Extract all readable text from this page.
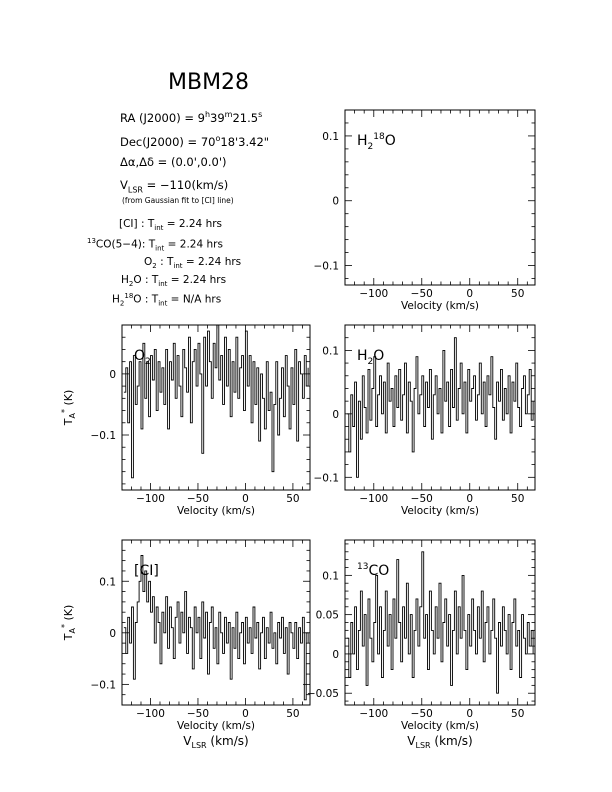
MBM28
RA $(J2000) = 9^h39^m21.5^s$
$Dec(J2000) = 70^o18'3.42$"
Δα,Δδ = (0.0',0.0')
$V_{LSR} = -110(km/s)$
(from Gaussian fit to [CI] line)
[CI] : $T_{int} = 2.24$ hrs
$^{13}$CO(5−4): $T_{int} = 2.24$ hrs
$O_2$ : $T_{int} = 2.24$ hrs
$H_2O$ : $T_{int} = 2.24$ hrs
$H_2^{18}O$ : $T_{int} = N/A$ hrs	−100 −50	0	50
0.1
0
−0.1
$H_2^{18}O$
Velocity (km/s)
−100 −50	0	50
0
−0.1
$O_2$
Velocity (km/s)
$T_A^*$ (K)
−100 −50	0	50
0.1
0
−0.1
$H_2O$
Velocity (km/s)
−100 −50	0	50
0.1
0
−0.1
[CI]
Velocity (km/s)
$V_{LSR}$ (km/s)
$T_A^*$ (K)
−100 −50	0	50
0.1
0.05
0
−0.05
$^{13}$CO
Velocity (km/s)
$V_{LSR}$ (km/s)
